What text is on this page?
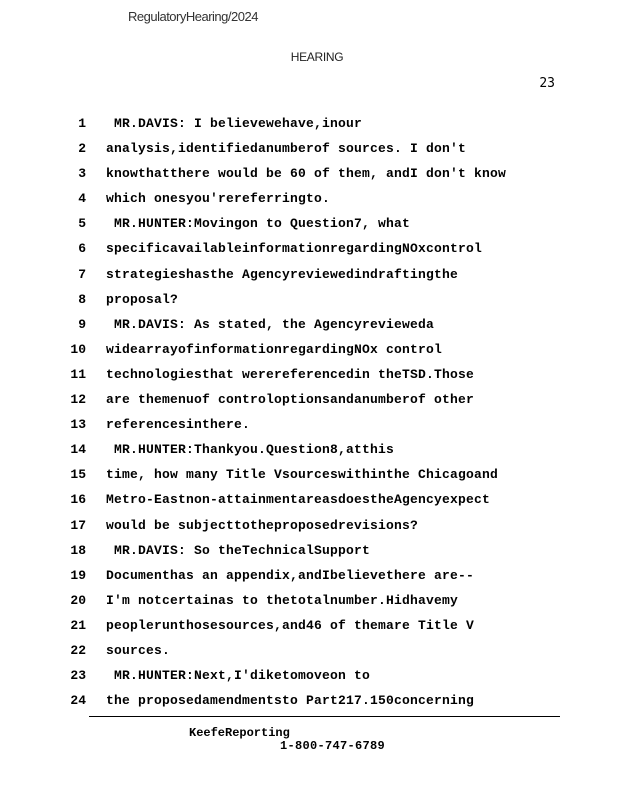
RegulatoryHearing/2024
HEARING
23
1 MR.DAVIS: I believewehave,inour
2 analysis,identifiedanumberof sources. I don't
3 knowthatthere would be 60 of them, andI don't know
4 which onesyou'rereferringto.
5 MR.HUNTER:Movingon to Question7, what
6 specificavailableinformationregardingNOxcontrol
7 strategieshasthe Agencyreviewedindraftingthe
8 proposal?
9 MR.DAVIS: As stated, the Agencyrevieweda
10 widearrayofinformationregardingNOx control
11 technologiesthat werereferencedin theTSD.Those
12 are themenuof controloptionsandanumberof other
13 referencesinthere.
14 MR.HUNTER:Thankyou.Question8,atthis
15 time, how many Title Vsourceswithinthe Chicagoand
16 Metro-Eastnon-attainmentareasdoestheAgencyexpect
17 would be subjecttotheproposedrevisions?
18 MR.DAVIS: So theTechnicalSupport
19 Documenthas an appendix,andIbelievethere are--
20 I'm notcertainas to thetotalnumber.Hidhavemy
21 peoplerunthosesources,and46 of themare Title V
22 sources.
23 MR.HUNTER:Next,I'diketomoveon to
24 the proposedamendmentsto Part217.150concerning
KeefeReporting
1-800-747-6789
